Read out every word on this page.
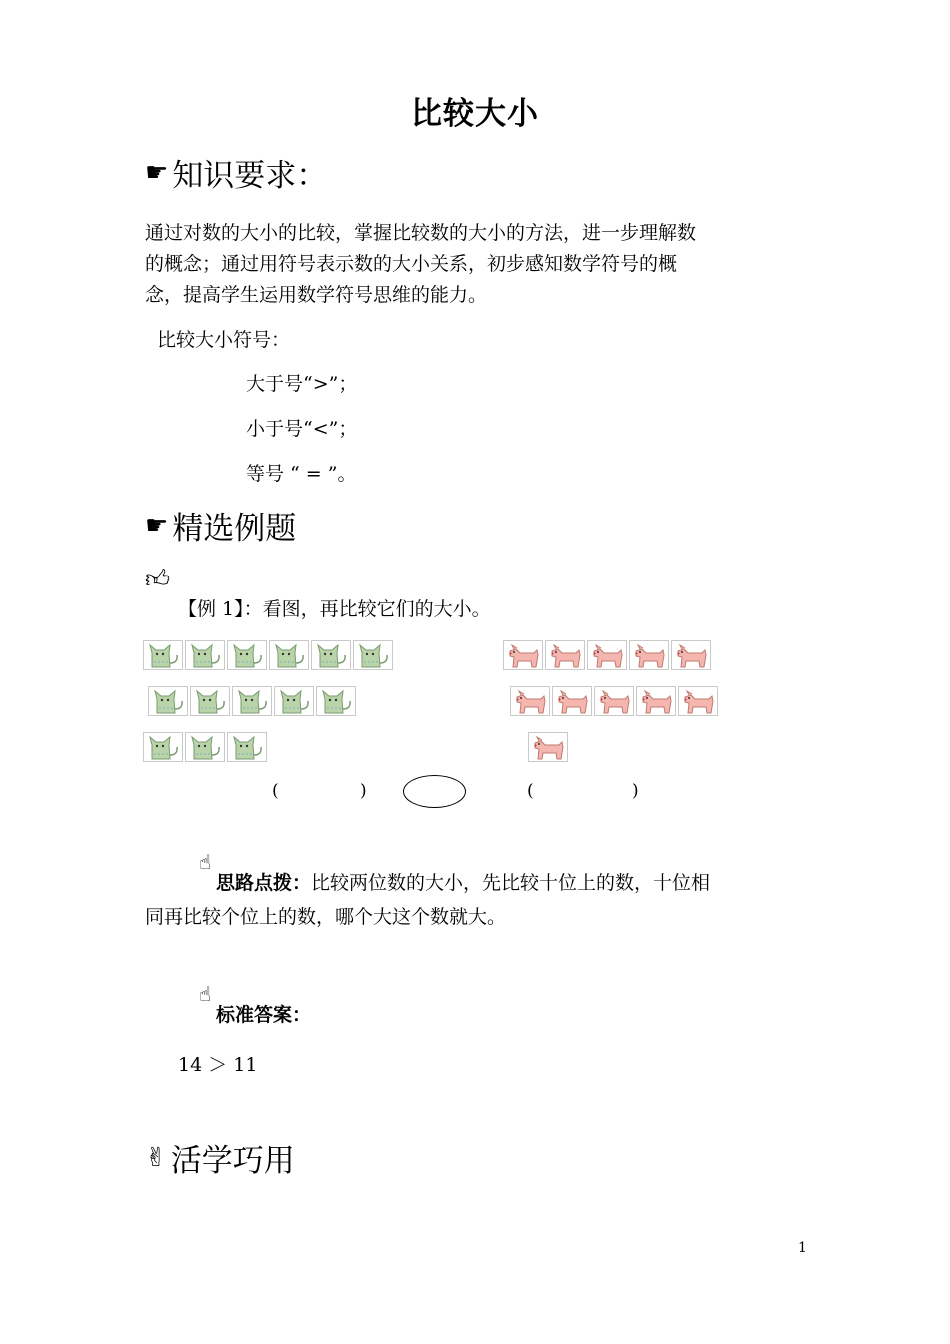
比较大小
☛ 知识要求：
通过对数的大小的比较，掌握比较数的大小的方法，进一步理解数
的概念；通过用符号表示数的大小关系，初步感知数学符号的概
念，提高学生运用数学符号思维的能力。
比较大小符号：
大于号“>”；
小于号“<”；
等号 “ = ”。
☛ 精选例题
👍︎
【例 1】：看图，再比较它们的大小。
(	)	(	)
☝︎
思路点拨：比较两位数的大小，先比较十位上的数，十位相
同再比较个位上的数，哪个大这个数就大。
☝︎
标准答案：
14 ＞ 11
✌︎ 活学巧用
1
